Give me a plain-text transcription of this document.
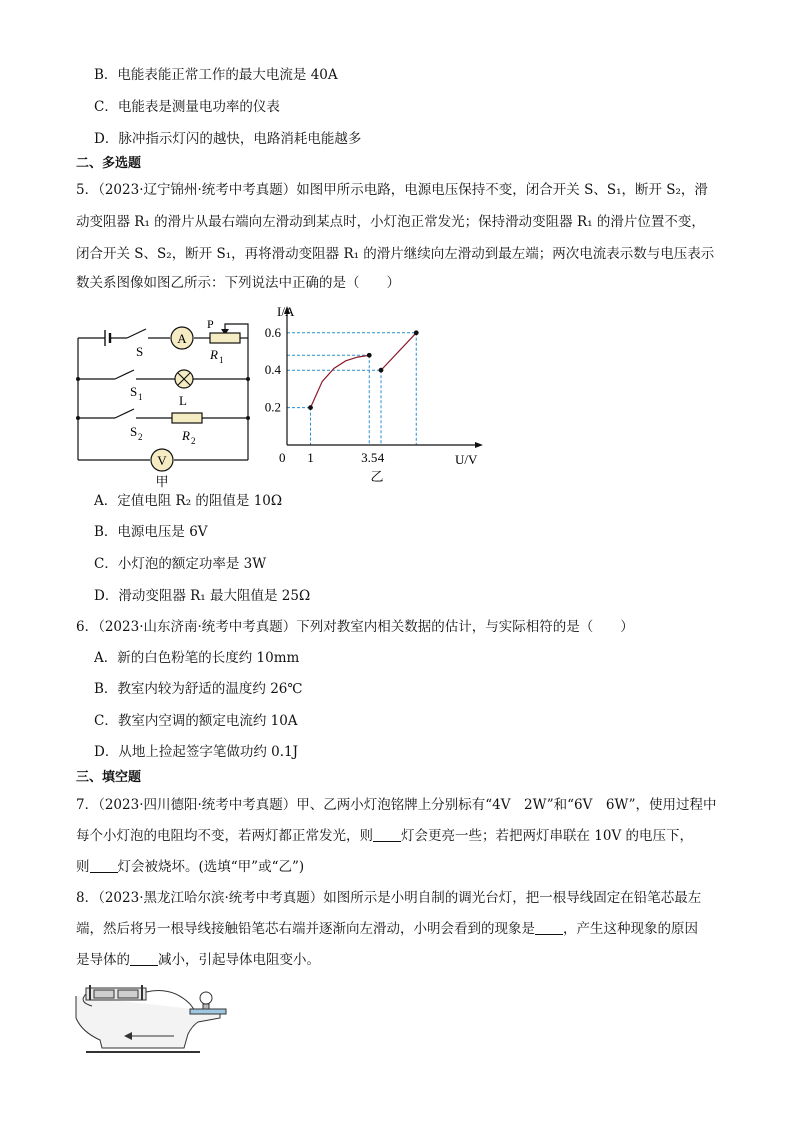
B．电能表能正常工作的最大电流是 40A
C．电能表是测量电功率的仪表
D．脉冲指示灯闪的越快，电路消耗电能越多
二、多选题
5．（2023·辽宁锦州·统考中考真题）如图甲所示电路，电源电压保持不变，闭合开关 S、S₁，断开 S₂，滑
动变阻器 R₁ 的滑片从最右端向左滑动到某点时，小灯泡正常发光；保持滑动变阻器 R₁ 的滑片位置不变，
闭合开关 S、S₂，断开 S₁，再将滑动变阻器 R₁ 的滑片继续向左滑动到最左端；两次电流表示数与电压表示
数关系图像如图乙所示：下列说法中正确的是（　　）
A
P
R 1
S
L
S 1
S 2	R 2
V
甲
0.2
0.4
0.6
1	3.5 4
I/A
U/V
0
乙
A．定值电阻 R₂ 的阻值是 10Ω
B．电源电压是 6V
C．小灯泡的额定功率是 3W
D．滑动变阻器 R₁ 最大阻值是 25Ω
6．（2023·山东济南·统考中考真题）下列对教室内相关数据的估计，与实际相符的是（　　）
A．新的白色粉笔的长度约 10mm
B．教室内较为舒适的温度约 26℃
C．教室内空调的额定电流约 10A
D．从地上捡起签字笔做功约 0.1J
三、填空题
7．（2023·四川德阳·统考中考真题）甲、乙两小灯泡铭牌上分别标有“4V　2W”和“6V　6W”，使用过程中
每个小灯泡的电阻均不变，若两灯都正常发光，则 灯会更亮一些；若把两灯串联在 10V 的电压下，
则 灯会被烧坏。(选填“甲”或“乙”)
8．（2023·黑龙江哈尔滨·统考中考真题）如图所示是小明自制的调光台灯，把一根导线固定在铅笔芯最左
端，然后将另一根导线接触铅笔芯右端并逐渐向左滑动，小明会看到的现象是 ，产生这种现象的原因
是导体的 减小，引起导体电阻变小。
